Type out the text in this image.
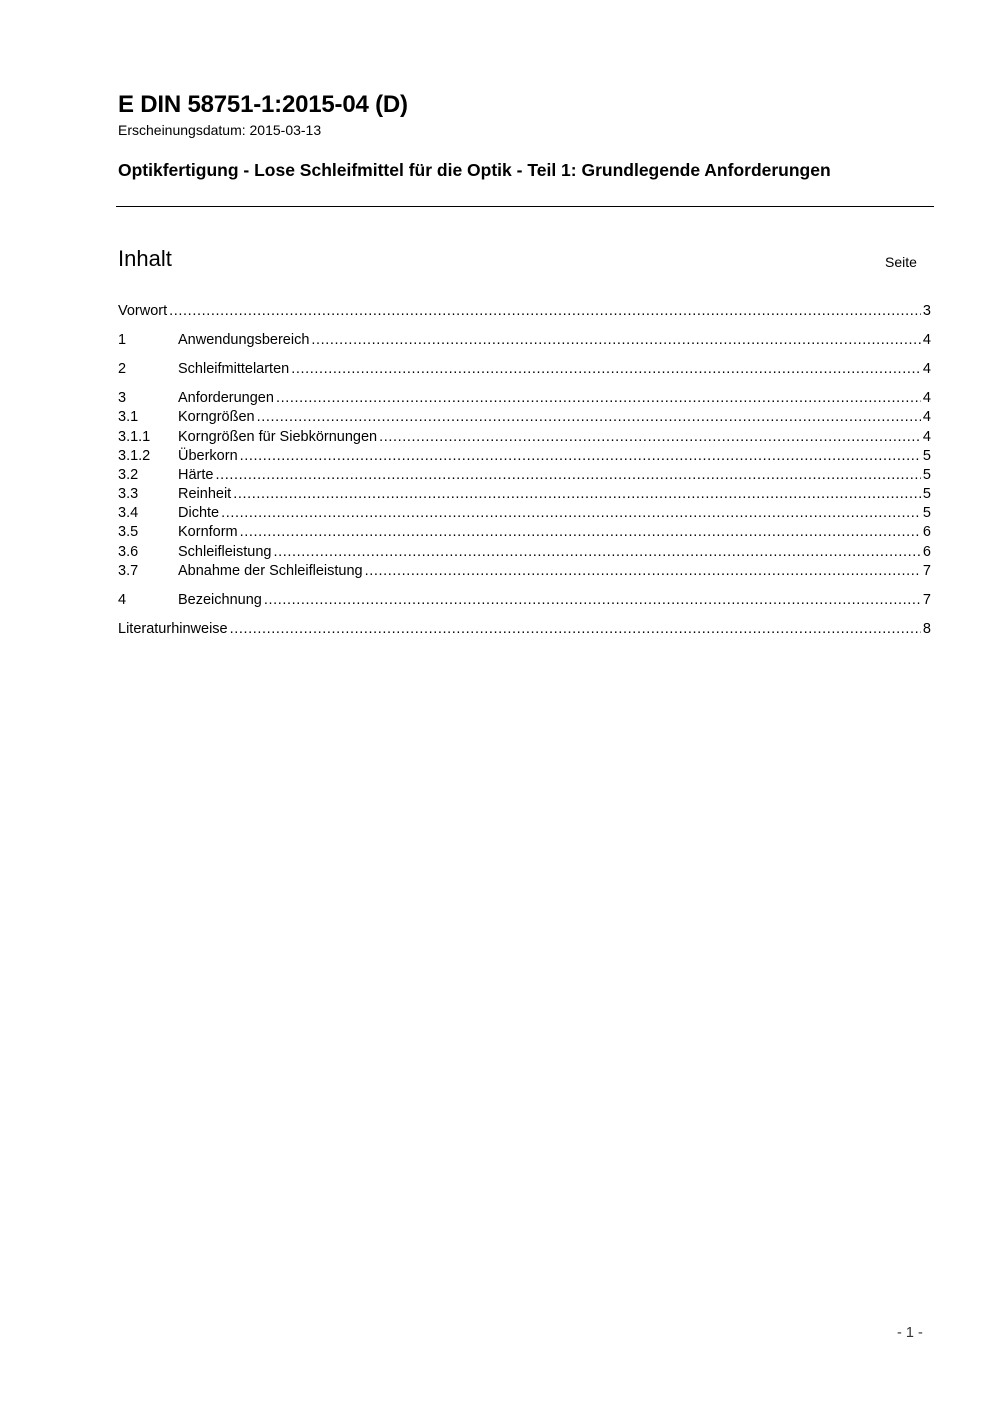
E DIN 58751-1:2015-04 (D)
Erscheinungsdatum: 2015-03-13
Optikfertigung - Lose Schleifmittel für die Optik - Teil 1: Grundlegende Anforderungen
Inhalt	Seite
Vorwort .....	3
1	Anwendungsbereich .....	4
2	Schleifmittelarten .....	4
3	Anforderungen .....	4
3.1	Korngrößen .....	4
3.1.1	Korngrößen für Siebkörnungen .....	4
3.1.2	Überkorn .....	5
3.2	Härte .....	5
3.3	Reinheit .....	5
3.4	Dichte .....	5
3.5	Kornform .....	6
3.6	Schleifleistung .....	6
3.7	Abnahme der Schleifleistung .....	7
4	Bezeichnung .....	7
Literaturhinweise .....	8
- 1 -
